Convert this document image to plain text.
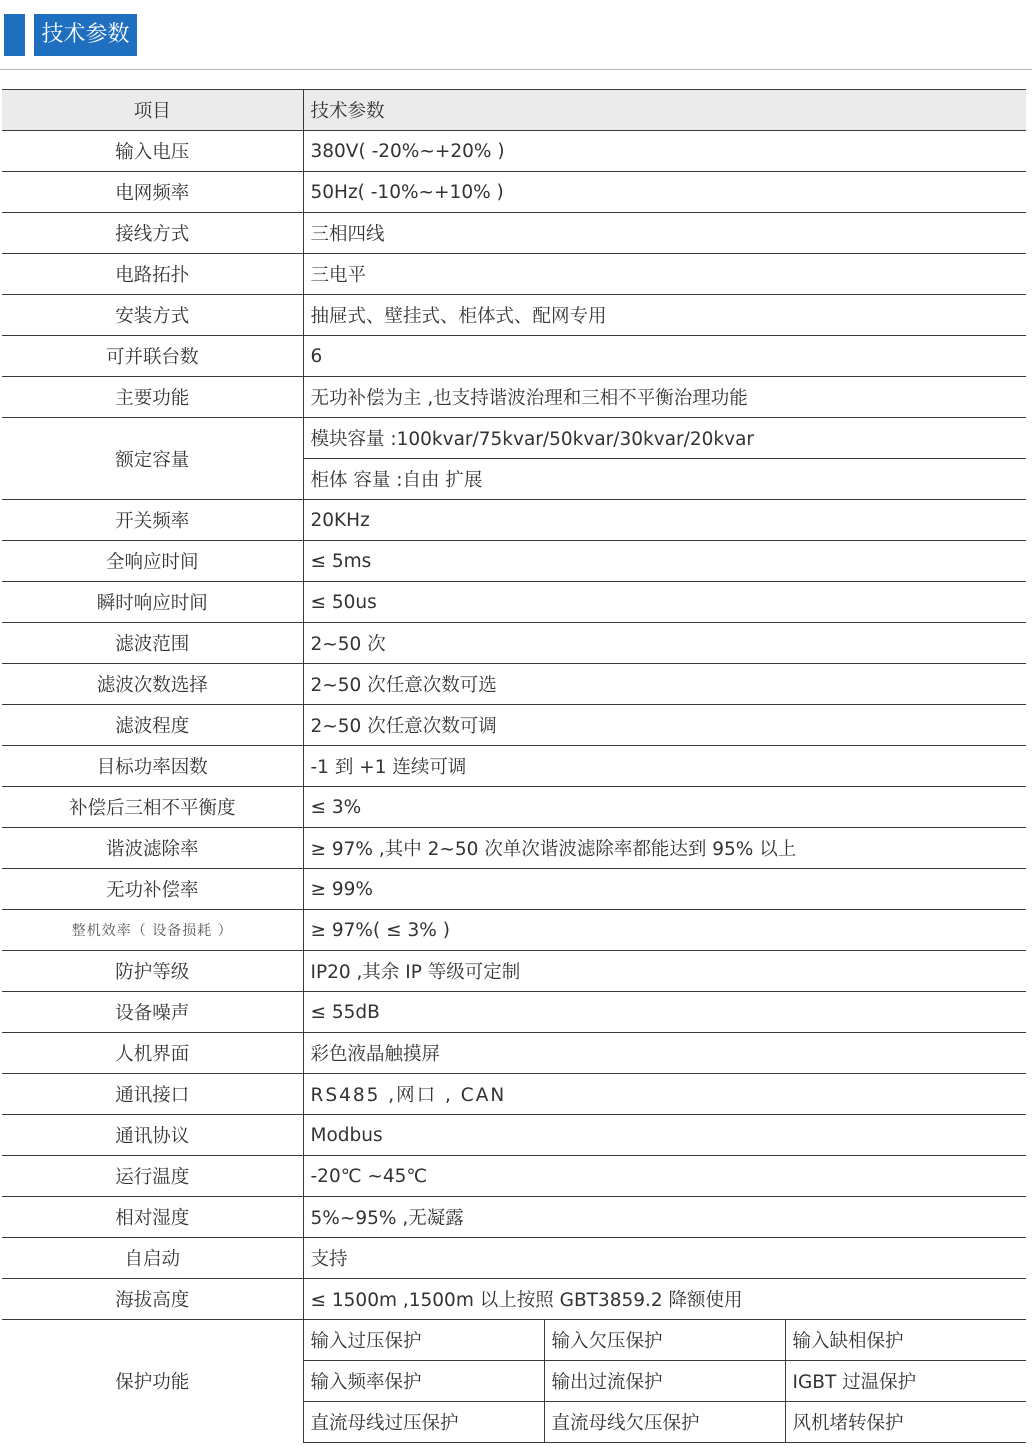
技术参数
项目	技术参数		
输入电压	380V( -20%~+20% )		
电网频率	50Hz( -10%~+10% )		
接线方式	三相四线		
电路拓扑	三电平		
安装方式	抽屉式、壁挂式、柜体式、配网专用		
可并联台数	6		
主要功能	无功补偿为主 ,也支持谐波治理和三相不平衡治理功能		
额定容量	模块容量 :100kvar/75kvar/50kvar/30kvar/20kvar		
	柜体 容量 :自由 扩展		
开关频率	20KHz		
全响应时间	≤ 5ms		
瞬时响应时间	≤ 50us		
滤波范围	2~50 次		
滤波次数选择	2~50 次任意次数可选		
滤波程度	2~50 次任意次数可调		
目标功率因数	-1 到 +1 连续可调		
补偿后三相不平衡度	≤ 3%		
谐波滤除率	≥ 97% ,其中 2~50 次单次谐波滤除率都能达到 95% 以上		
无功补偿率	≥ 99%		
整机效率（ 设备损耗 ）	≥ 97%( ≤ 3% )		
防护等级	IP20 ,其余 IP 等级可定制		
设备噪声	≤ 55dB		
人机界面	彩色液晶触摸屏		
通讯接口	RS485 ,网口 , CAN		
通讯协议	Modbus		
运行温度	-20℃ ~45℃		
相对湿度	5%~95% ,无凝露		
自启动	支持		
海拔高度	≤ 1500m ,1500m 以上按照 GBT3859.2 降额使用		
保护功能	输入过压保护	输入欠压保护	输入缺相保护
	输入频率保护	输出过流保护	IGBT 过温保护
	直流母线过压保护	直流母线欠压保护	风机堵转保护
